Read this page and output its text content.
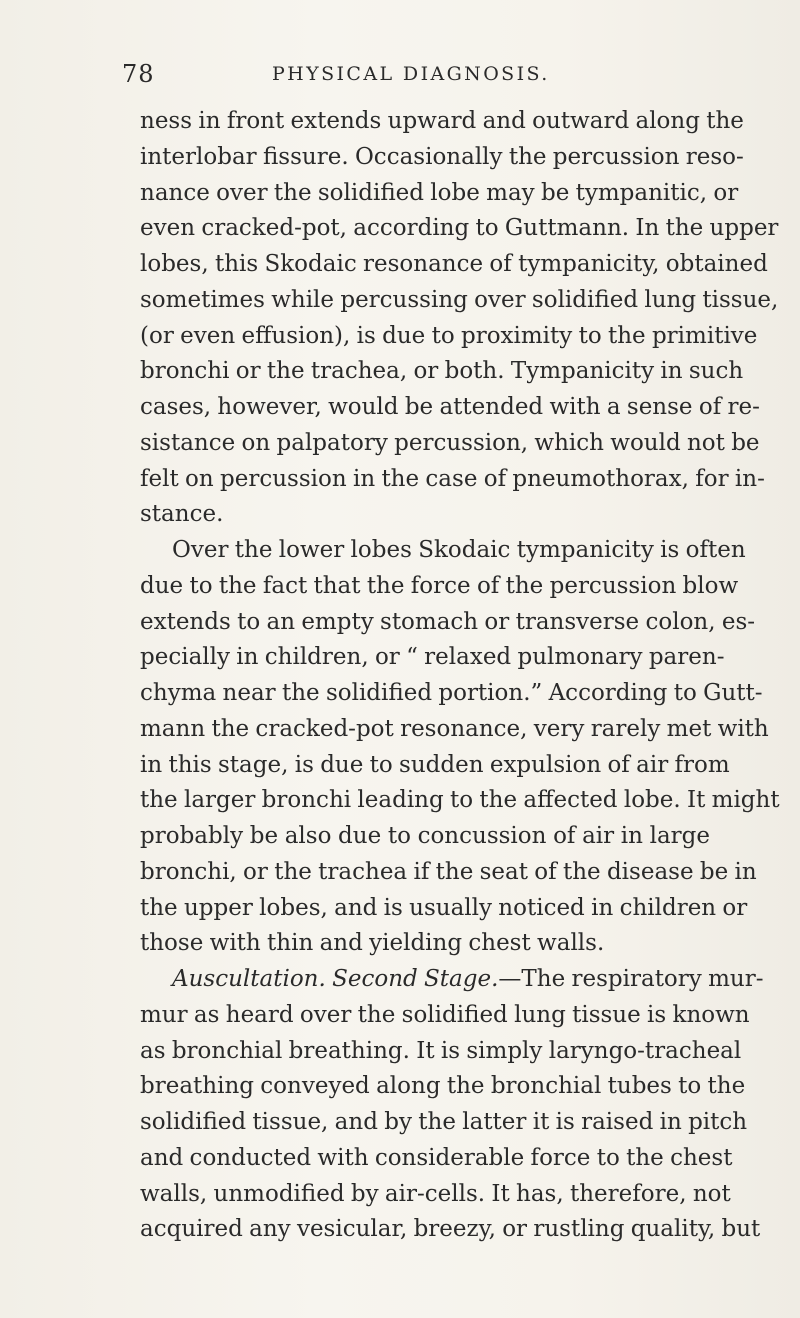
78	PHYSICAL DIAGNOSIS.
ness in front extends upward and outward along the
interlobar fissure. Occasionally the percussion reso-
nance over the solidified lobe may be tympanitic, or
even cracked-pot, according to Guttmann. In the upper
lobes, this Skodaic resonance of tympanicity, obtained
sometimes while percussing over solidified lung tissue,
(or even effusion), is due to proximity to the primitive
bronchi or the trachea, or both. Tympanicity in such
cases, however, would be attended with a sense of re-
sistance on palpatory percussion, which would not be
felt on percussion in the case of pneumothorax, for in-
stance.
Over the lower lobes Skodaic tympanicity is often
due to the fact that the force of the percussion blow
extends to an empty stomach or transverse colon, es-
pecially in children, or “ relaxed pulmonary paren-
chyma near the solidified portion.” According to Gutt-
mann the cracked-pot resonance, very rarely met with
in this stage, is due to sudden expulsion of air from
the larger bronchi leading to the affected lobe. It might
probably be also due to concussion of air in large
bronchi, or the trachea if the seat of the disease be in
the upper lobes, and is usually noticed in children or
those with thin and yielding chest walls.
Auscultation. Second Stage.—The respiratory mur-
mur as heard over the solidified lung tissue is known
as bronchial breathing. It is simply laryngo-tracheal
breathing conveyed along the bronchial tubes to the
solidified tissue, and by the latter it is raised in pitch
and conducted with considerable force to the chest
walls, unmodified by air-cells. It has, therefore, not
acquired any vesicular, breezy, or rustling quality, but
